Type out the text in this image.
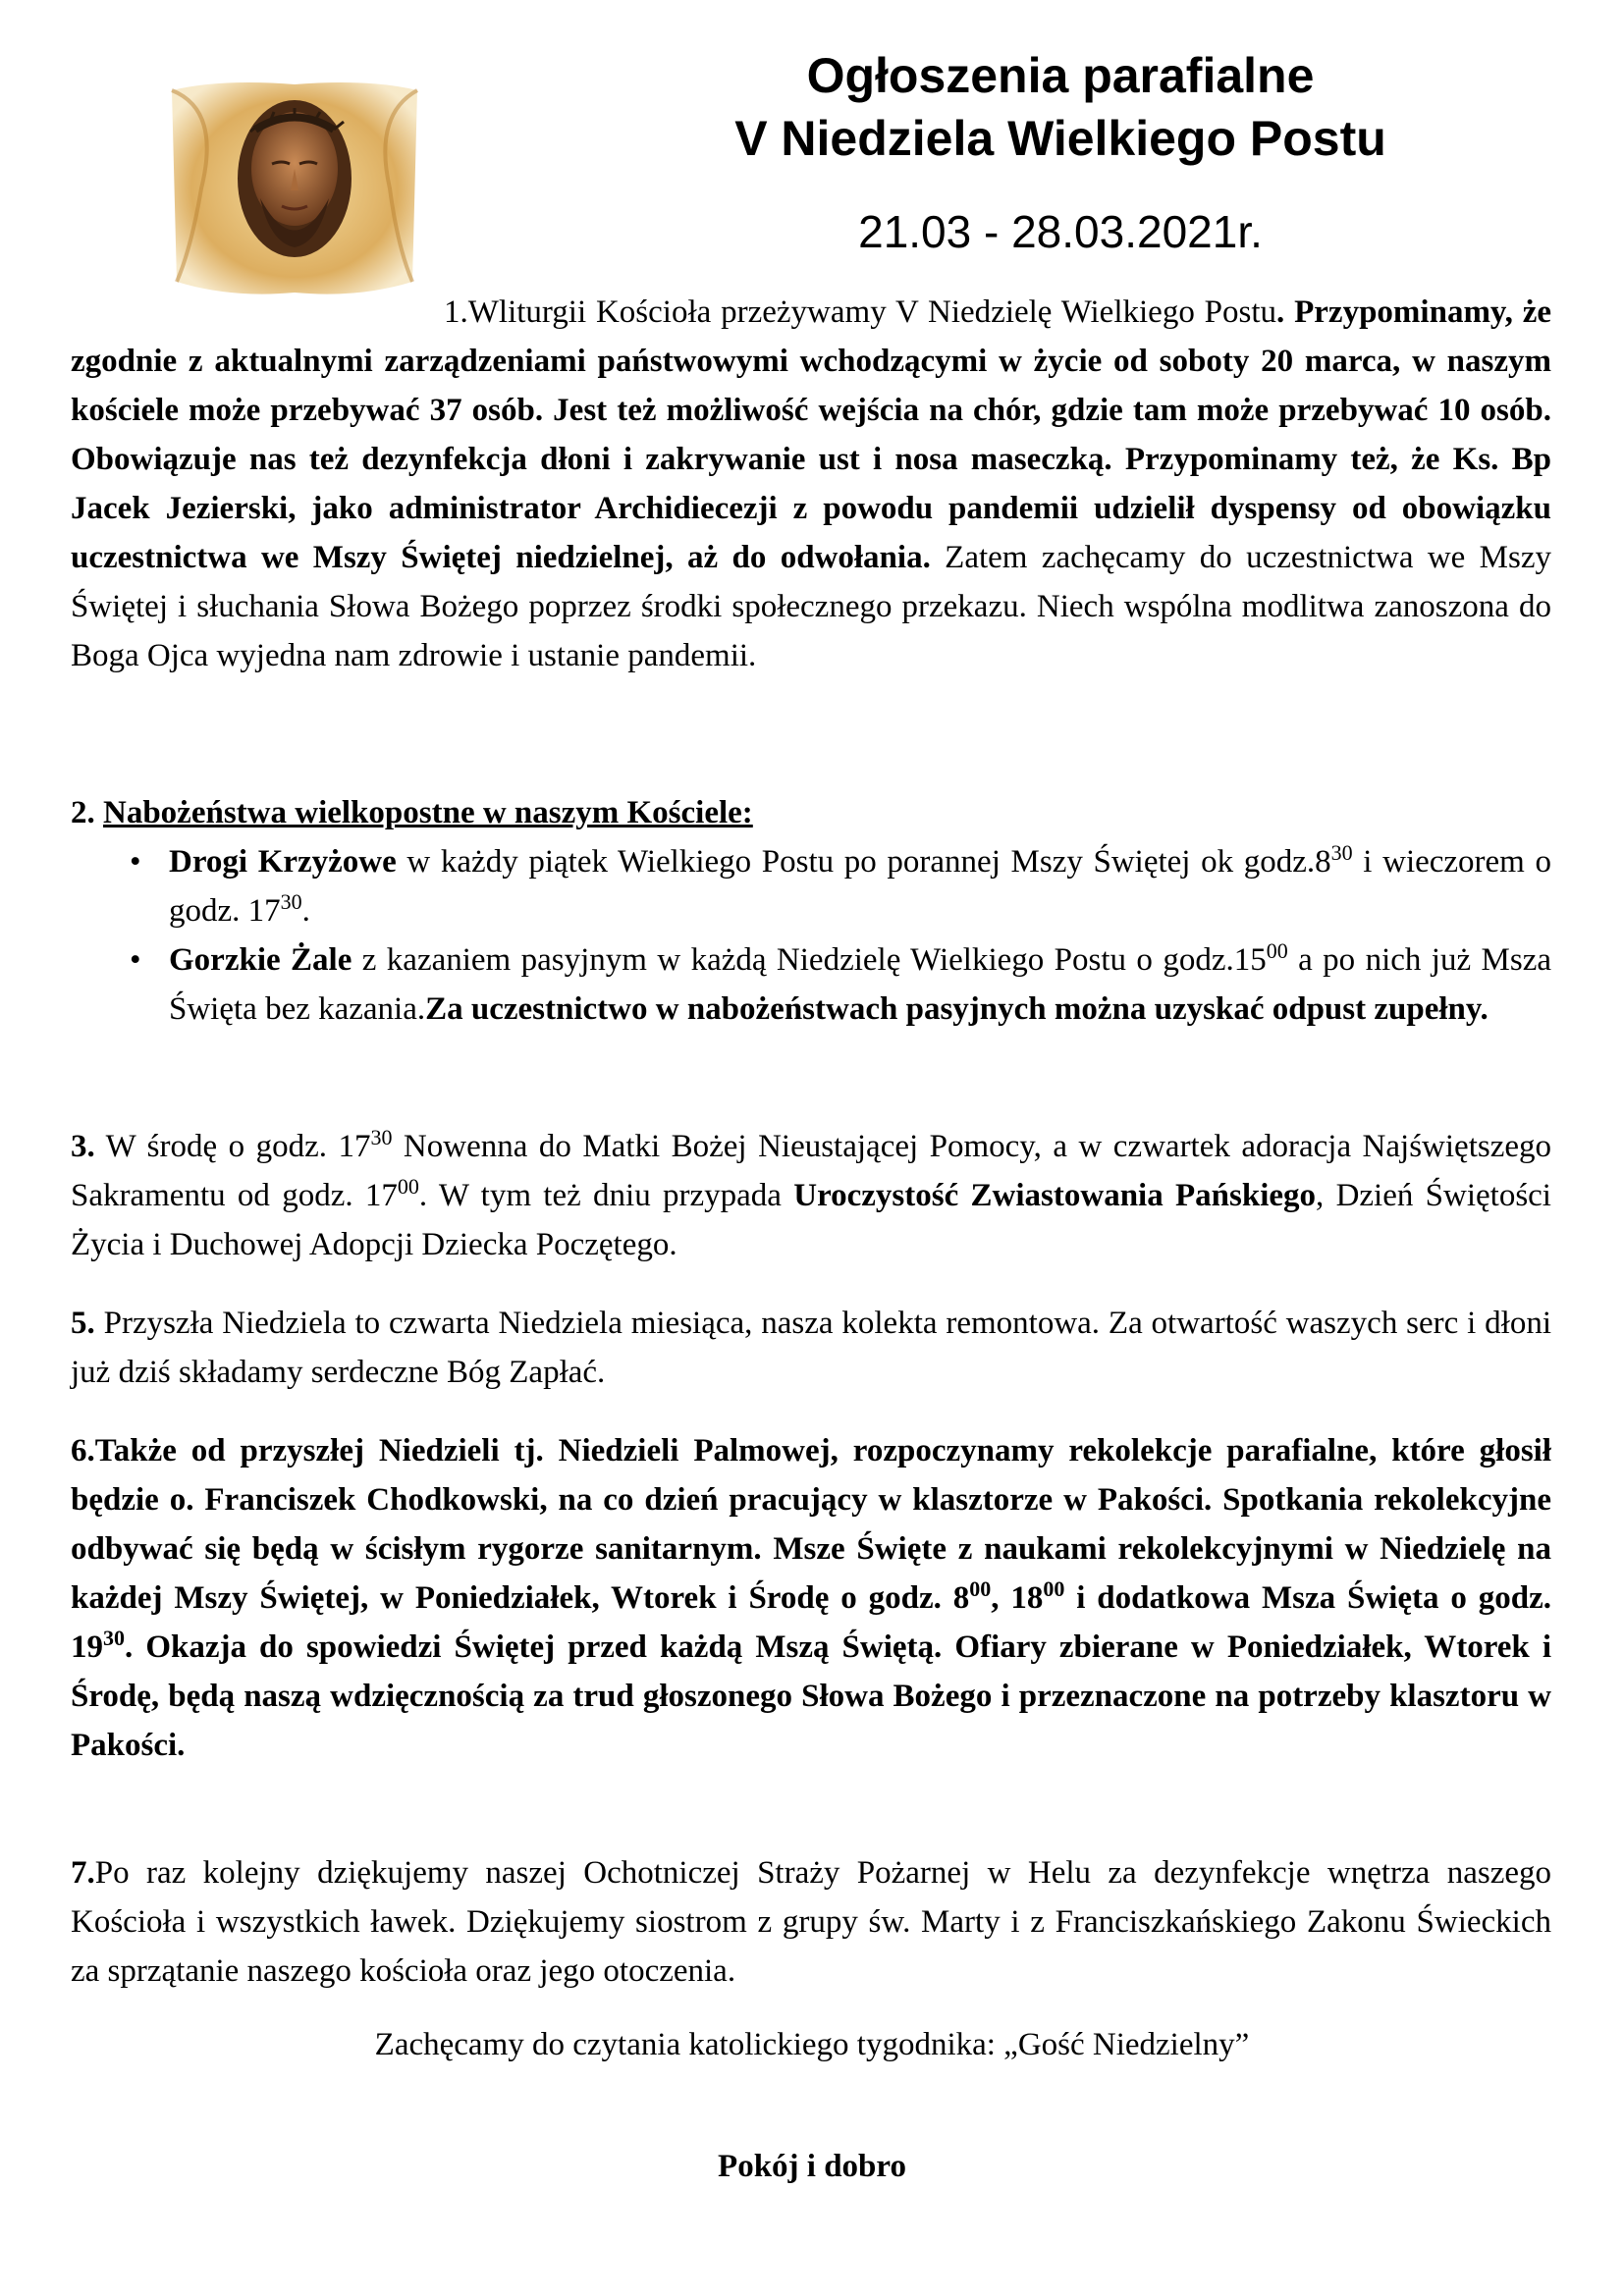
Ogłoszenia parafialne
V Niedziela Wielkiego Postu
21.03 - 28.03.2021r.
1.Wliturgii Kościoła przeżywamy V Niedzielę Wielkiego Postu. Przypominamy, że zgodnie z aktualnymi zarządzeniami państwowymi wchodzącymi w życie od soboty 20 marca, w naszym kościele może przebywać 37 osób. Jest też możliwość wejścia na chór, gdzie tam może przebywać 10 osób. Obowiązuje nas też dezynfekcja dłoni i zakrywanie ust i nosa maseczką. Przypominamy też, że Ks. Bp Jacek Jezierski, jako administrator Archidiecezji z powodu pandemii udzielił dyspensy od obowiązku uczestnictwa we Mszy Świętej niedzielnej, aż do odwołania. Zatem zachęcamy do uczestnictwa we Mszy Świętej i słuchania Słowa Bożego poprzez środki społecznego przekazu. Niech wspólna modlitwa zanoszona do Boga Ojca wyjedna nam zdrowie i ustanie pandemii.
2. Nabożeństwa wielkopostne w naszym Kościele:
• Drogi Krzyżowe w każdy piątek Wielkiego Postu po porannej Mszy Świętej ok $godz.8^{30}$ i wieczorem o godz. $17^{30}$.
• Gorzkie Żale z kazaniem pasyjnym w każdą Niedzielę Wielkiego Postu o $godz.15^{00}$ a po nich już Msza Święta bez kazania.Za uczestnictwo w nabożeństwach pasyjnych można uzyskać odpust zupełny.
3. W środę o godz. $17^{30}$ Nowenna do Matki Bożej Nieustającej Pomocy, a w czwartek adoracja Najświętszego Sakramentu od godz. $17^{00}$. W tym też dniu przypada Uroczystość Zwiastowania Pańskiego, Dzień Świętości Życia i Duchowej Adopcji Dziecka Poczętego.
5. Przyszła Niedziela to czwarta Niedziela miesiąca, nasza kolekta remontowa. Za otwartość waszych serc i dłoni już dziś składamy serdeczne Bóg Zapłać.
6.Także od przyszłej Niedzieli tj. Niedzieli Palmowej, rozpoczynamy rekolekcje parafialne, które głosił będzie o. Franciszek Chodkowski, na co dzień pracujący w klasztorze w Pakości. Spotkania rekolekcyjne odbywać się będą w ścisłym rygorze sanitarnym. Msze Święte z naukami rekolekcyjnymi w Niedzielę na każdej Mszy Świętej, w Poniedziałek, Wtorek i Środę o godz. $8^{00}$, $18^{00}$ i dodatkowa Msza Święta o godz. $19^{30}$. Okazja do spowiedzi Świętej przed każdą Mszą Świętą. Ofiary zbierane w Poniedziałek, Wtorek i Środę, będą naszą wdzięcznością za trud głoszonego Słowa Bożego i przeznaczone na potrzeby klasztoru w Pakości.
7.Po raz kolejny dziękujemy naszej Ochotniczej Straży Pożarnej w Helu za dezynfekcje wnętrza naszego Kościoła i wszystkich ławek. Dziękujemy siostrom z grupy św. Marty i z Franciszkańskiego Zakonu Świeckich za sprzątanie naszego kościoła oraz jego otoczenia.
Zachęcamy do czytania katolickiego tygodnika: „Gość Niedzielny”
Pokój i dobro
